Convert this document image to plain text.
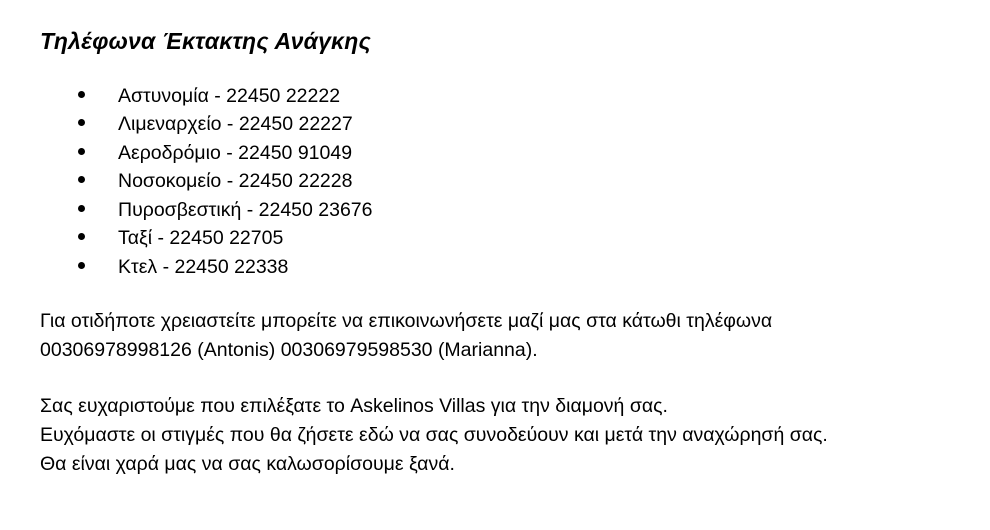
Τηλέφωνα Έκτακτης Ανάγκης
Αστυνομία - 22450 22222
Λιμεναρχείο - 22450 22227
Αεροδρόμιο - 22450 91049
Νοσοκομείο - 22450 22228
Πυροσβεστική - 22450 23676
Ταξί - 22450 22705
Κτελ - 22450 22338
Για οτιδήποτε χρειαστείτε μπορείτε να επικοινωνήσετε μαζί μας στα κάτωθι τηλέφωνα
00306978998126 (Antonis) 00306979598530 (Marianna).
Σας ευχαριστούμε που επιλέξατε το Askelinos Villas για την διαμονή σας.
Ευχόμαστε οι στιγμές που θα ζήσετε εδώ να σας συνοδεύουν και μετά την αναχώρησή σας.
Θα είναι χαρά μας να σας καλωσορίσουμε ξανά.
